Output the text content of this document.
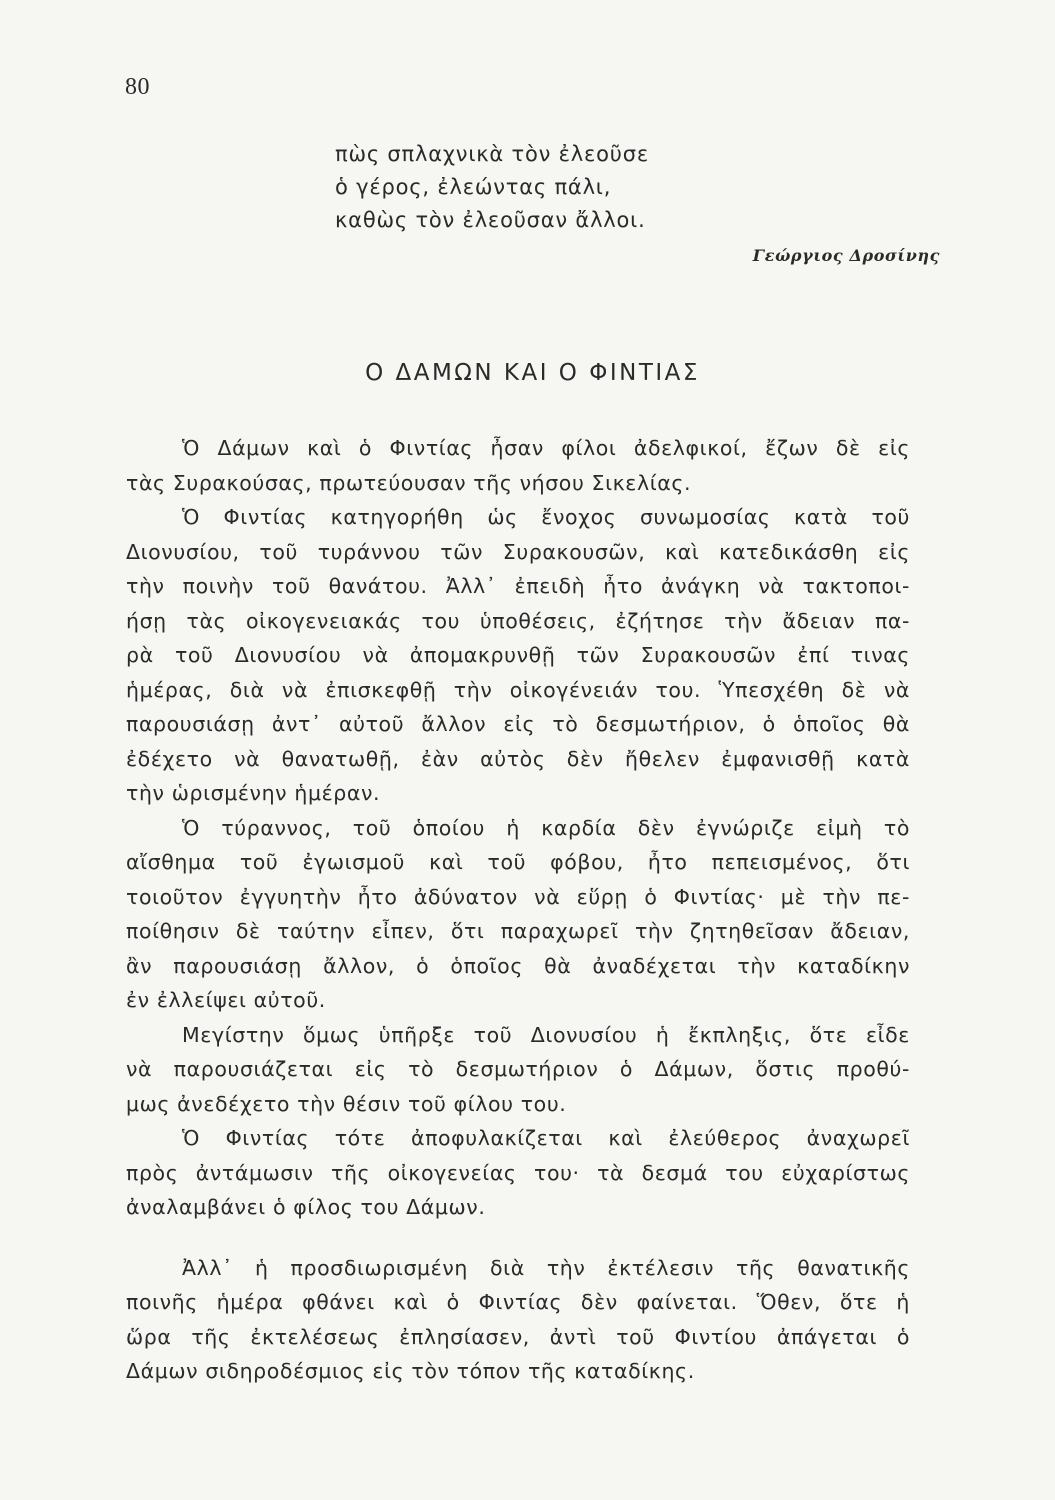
80
πὼς σπλαχνικὰ τὸν ἐλεοῦσε
ὁ γέρος, ἐλεώντας πάλι,
καθὼς τὸν ἐλεοῦσαν ἄλλοι.
Γεώργιος Δροσίνης
Ο ΔΑΜΩΝ ΚΑΙ Ο ΦΙΝΤΙΑΣ
Ὁ Δάμων καὶ ὁ Φιντίας ἦσαν φίλοι ἀδελφικοί, ἔζων δὲ εἰς
τὰς Συρακούσας, πρωτεύουσαν τῆς νήσου Σικελίας.
Ὁ Φιντίας κατηγορήθη ὡς ἔνοχος συνωμοσίας κατὰ τοῦ
Διονυσίου, τοῦ τυράννου τῶν Συρακουσῶν, καὶ κατεδικάσθη εἰς
τὴν ποινὴν τοῦ θανάτου. Ἀλλ᾿ ἐπειδὴ ἦτο ἀνάγκη νὰ τακτοποι-
ήσῃ τὰς οἰκογενειακάς του ὑποθέσεις, ἐζήτησε τὴν ἄδειαν πα-
ρὰ τοῦ Διονυσίου νὰ ἀπομακρυνθῇ τῶν Συρακουσῶν ἐπί τινας
ἡμέρας, διὰ νὰ ἐπισκεφθῇ τὴν οἰκογένειάν του. Ὑπεσχέθη δὲ νὰ
παρουσιάσῃ ἀντ᾿ αὐτοῦ ἄλλον εἰς τὸ δεσμωτήριον, ὁ ὁποῖος θὰ
ἐδέχετο νὰ θανατωθῇ, ἐὰν αὐτὸς δὲν ἤθελεν ἐμφανισθῇ κατὰ
τὴν ὡρισμένην ἡμέραν.
Ὁ τύραννος, τοῦ ὁποίου ἡ καρδία δὲν ἐγνώριζε εἰμὴ τὸ
αἴσθημα τοῦ ἐγωισμοῦ καὶ τοῦ φόβου, ἦτο πεπεισμένος, ὅτι
τοιοῦτον ἐγγυητὴν ἦτο ἀδύνατον νὰ εὕρῃ ὁ Φιντίας· μὲ τὴν πε-
ποίθησιν δὲ ταύτην εἶπεν, ὅτι παραχωρεῖ τὴν ζητηθεῖσαν ἄδειαν,
ἂν παρουσιάσῃ ἄλλον, ὁ ὁποῖος θὰ ἀναδέχεται τὴν καταδίκην
ἐν ἐλλείψει αὐτοῦ.
Μεγίστην ὅμως ὑπῆρξε τοῦ Διονυσίου ἡ ἔκπληξις, ὅτε εἶδε
νὰ παρουσιάζεται εἰς τὸ δεσμωτήριον ὁ Δάμων, ὅστις προθύ-
μως ἀνεδέχετο τὴν θέσιν τοῦ φίλου του.
Ὁ Φιντίας τότε ἀποφυλακίζεται καὶ ἐλεύθερος ἀναχωρεῖ
πρὸς ἀντάμωσιν τῆς οἰκογενείας του· τὰ δεσμά του εὐχαρίστως
ἀναλαμβάνει ὁ φίλος του Δάμων.
Ἀλλ᾿ ἡ προσδιωρισμένη διὰ τὴν ἐκτέλεσιν τῆς θανατικῆς
ποινῆς ἡμέρα φθάνει καὶ ὁ Φιντίας δὲν φαίνεται. Ὅθεν, ὅτε ἡ
ὥρα τῆς ἐκτελέσεως ἐπλησίασεν, ἀντὶ τοῦ Φιντίου ἀπάγεται ὁ
Δάμων σιδηροδέσμιος εἰς τὸν τόπον τῆς καταδίκης.
